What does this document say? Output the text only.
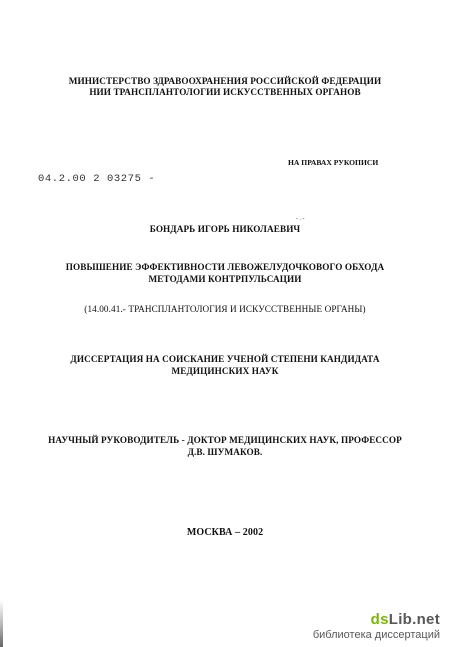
МИНИСТЕРСТВО ЗДРАВООХРАНЕНИЯ РОССИЙСКОЙ ФЕДЕРАЦИИ
НИИ ТРАНСПЛАНТОЛОГИИ ИСКУССТВЕННЫХ ОРГАНОВ
НА ПРАВАХ РУКОПИСИ
04.2.00 2 03275 -
- . -
БОНДАРЬ ИГОРЬ НИКОЛАЕВИЧ
ПОВЫШЕНИЕ ЭФФЕКТИВНОСТИ ЛЕВОЖЕЛУДОЧКОВОГО ОБХОДА
МЕТОДАМИ КОНТРПУЛЬСАЦИИ
(14.00.41.- ТРАНСПЛАНТОЛОГИЯ И ИСКУССТВЕННЫЕ ОРГАНЫ)
ДИССЕРТАЦИЯ НА СОИСКАНИЕ УЧЕНОЙ СТЕПЕНИ КАНДИДАТА
МЕДИЦИНСКИХ НАУК
НАУЧНЫЙ РУКОВОДИТЕЛЬ - ДОКТОР МЕДИЦИНСКИХ НАУК, ПРОФЕССОР
Д.В. ШУМАКОВ.
МОСКВА – 2002
dsLib.net
библиотека диссертаций
